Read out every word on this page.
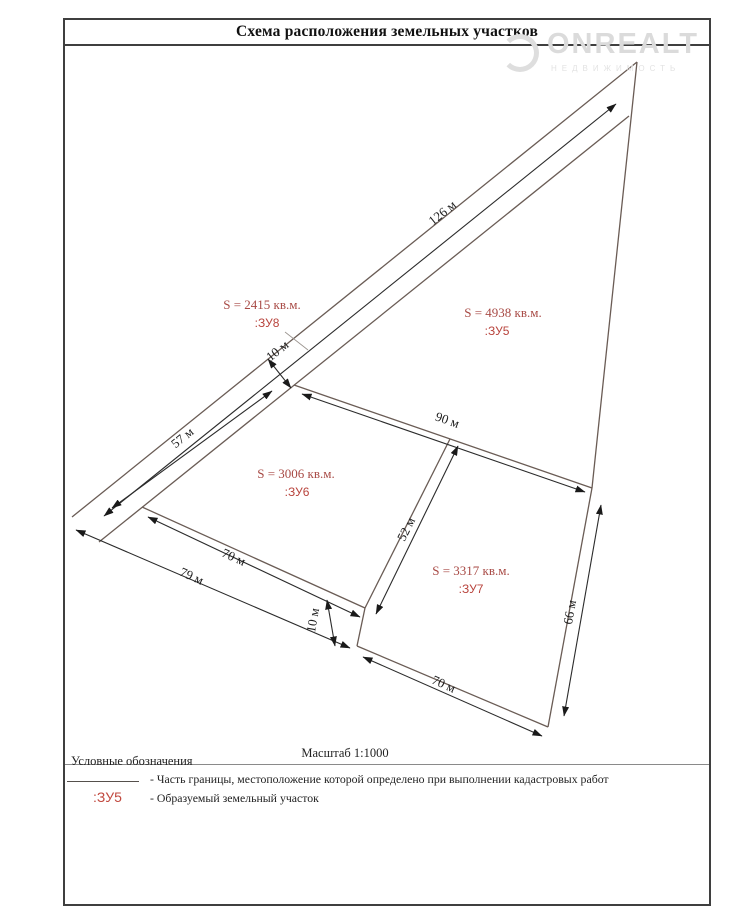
Схема расположения земельных участков
Масштаб 1:1000
Условные обозначения
- Часть границы, местоположение которой определено при выполнении кадастровых работ
:ЗУ5 - Образуемый земельный участок
ONREALT
НЕДВИЖИМОСТЬ
126 м
57 м
10 м
90 м
52 м
70 м
79 м
10 м	66 м
70 м
S = 2415 кв.м.
:ЗУ8
S = 4938 кв.м.
:ЗУ5
S = 3006 кв.м.
:ЗУ6
S = 3317 кв.м.
:ЗУ7
